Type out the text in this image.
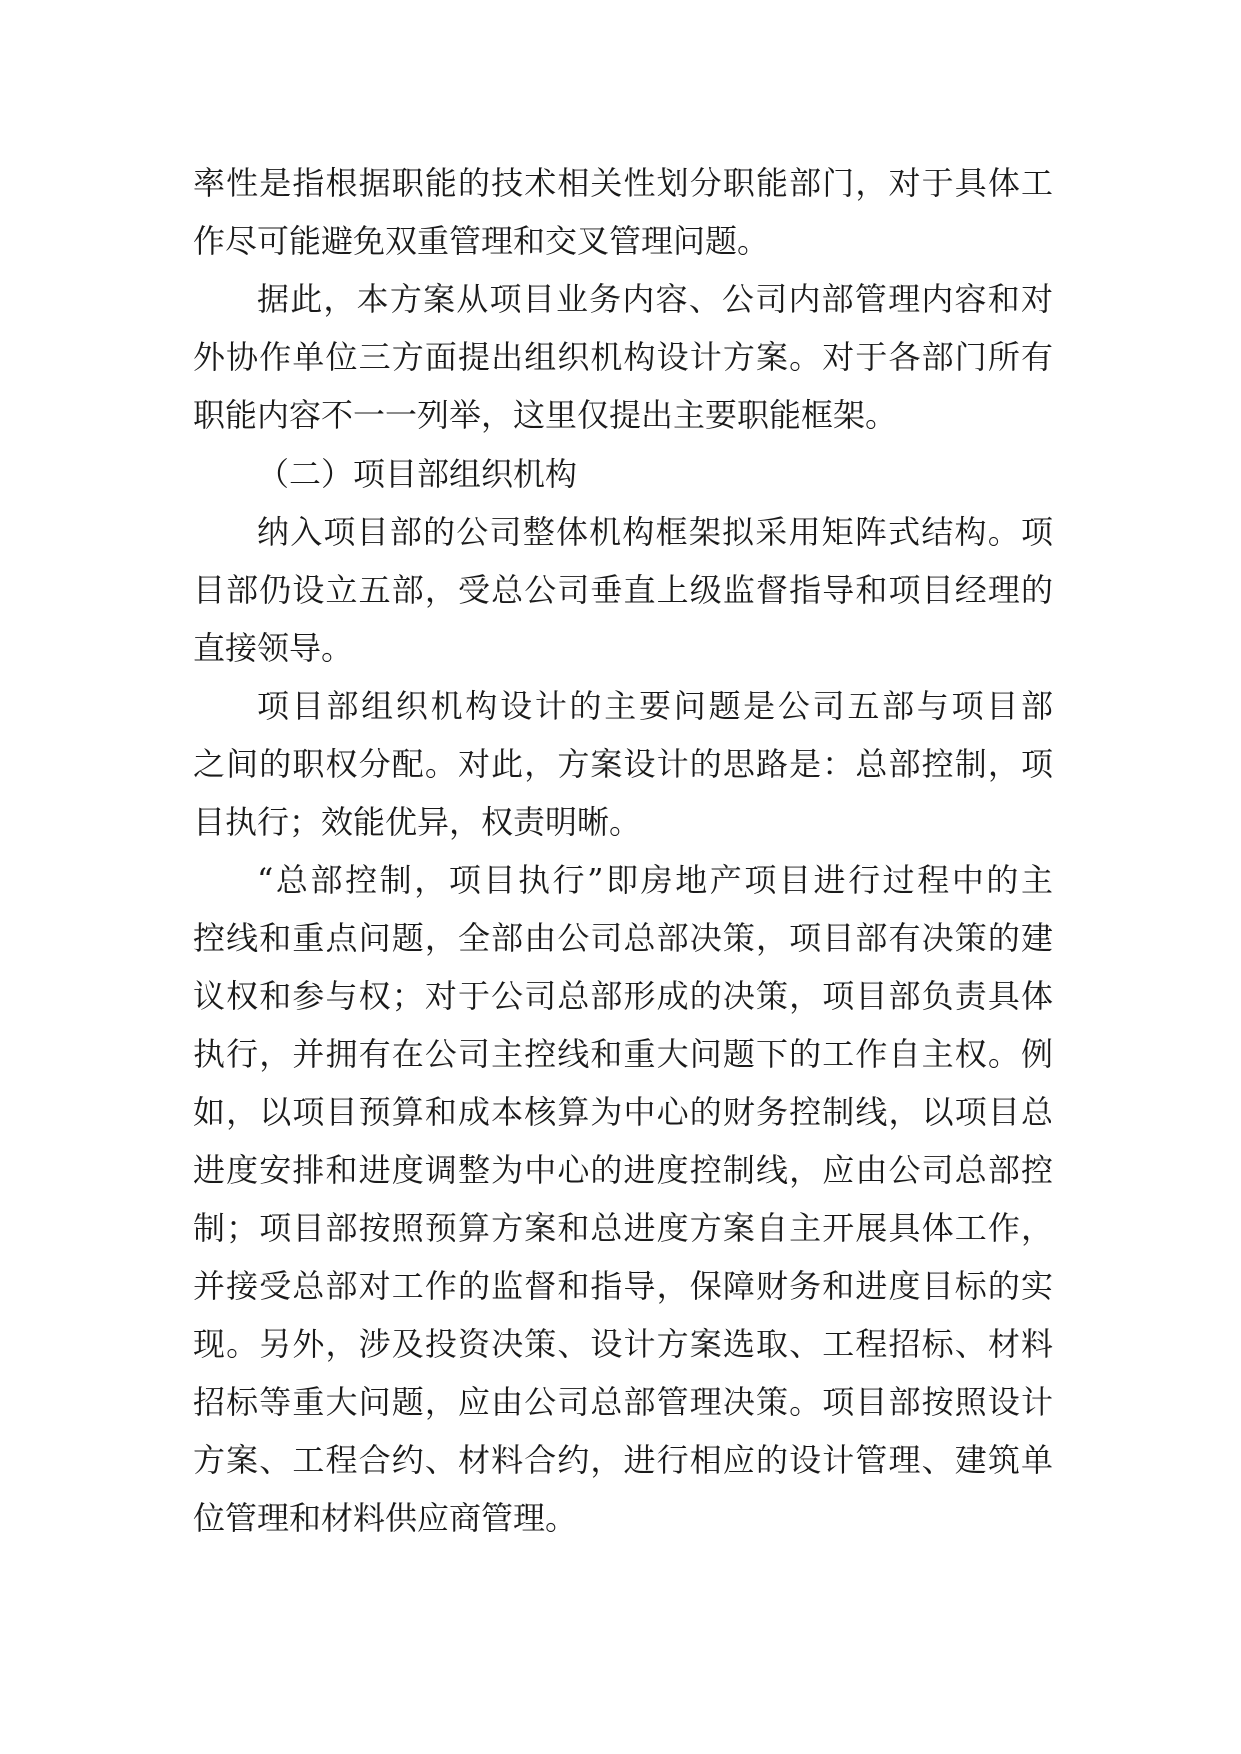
率性是指根据职能的技术相关性划分职能部门，对于具体工
作尽可能避免双重管理和交叉管理问题。
据此，本方案从项目业务内容、公司内部管理内容和对
外协作单位三方面提出组织机构设计方案。对于各部门所有
职能内容不一一列举，这里仅提出主要职能框架。
（二）项目部组织机构
纳入项目部的公司整体机构框架拟采用矩阵式结构。项
目部仍设立五部，受总公司垂直上级监督指导和项目经理的
直接领导。
项目部组织机构设计的主要问题是公司五部与项目部
之间的职权分配。对此，方案设计的思路是：总部控制，项
目执行；效能优异，权责明晰。
“总部控制，项目执行”即房地产项目进行过程中的主
控线和重点问题，全部由公司总部决策，项目部有决策的建
议权和参与权；对于公司总部形成的决策，项目部负责具体
执行，并拥有在公司主控线和重大问题下的工作自主权。例
如，以项目预算和成本核算为中心的财务控制线，以项目总
进度安排和进度调整为中心的进度控制线，应由公司总部控
制；项目部按照预算方案和总进度方案自主开展具体工作，
并接受总部对工作的监督和指导，保障财务和进度目标的实
现。另外，涉及投资决策、设计方案选取、工程招标、材料
招标等重大问题，应由公司总部管理决策。项目部按照设计
方案、工程合约、材料合约，进行相应的设计管理、建筑单
位管理和材料供应商管理。
